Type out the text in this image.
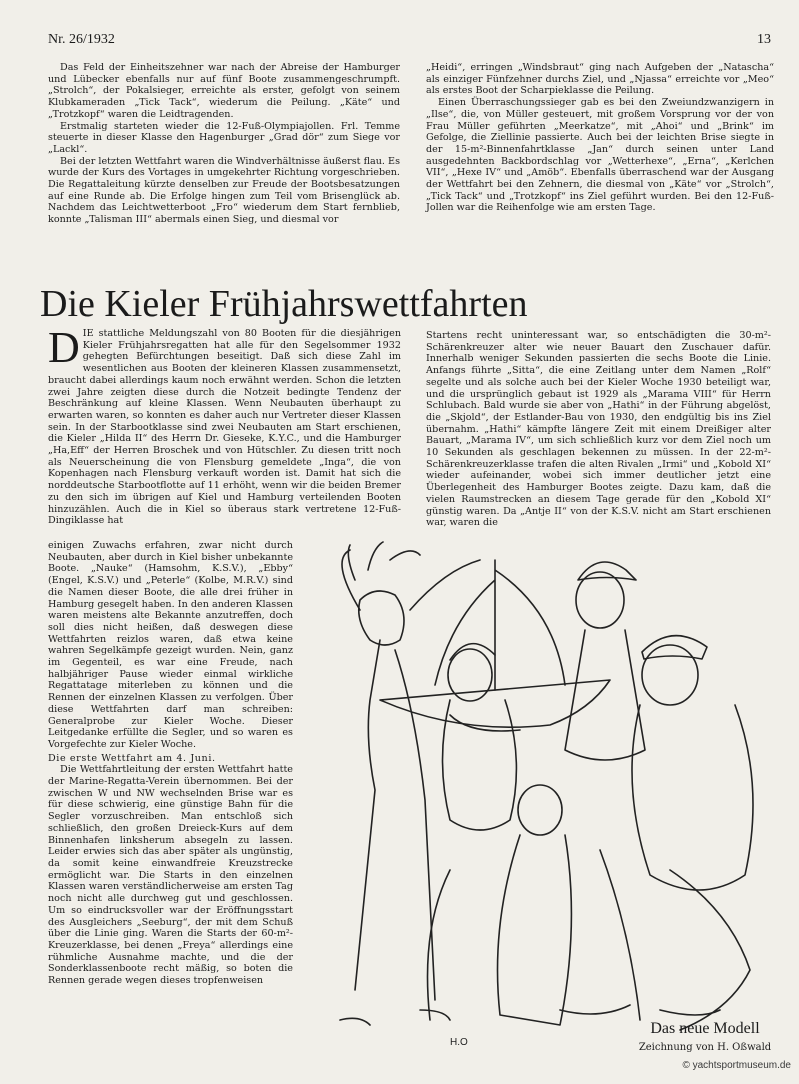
Nr. 26/1932	13

Das Feld der Einheitszehner war nach der Abreise der Hamburger und Lübecker ebenfalls nur auf fünf Boote zusammengeschrumpft. „Strolch“, der Pokalsieger, erreichte als erster, gefolgt von seinem Klubkameraden „Tick Tack“, wiederum die Peilung. „Käte“ und „Trotzkopf“ waren die Leidtragenden.

Erstmalig starteten wieder die 12-Fuß-Olympiajollen. Frl. Temme steuerte in dieser Klasse den Hagenburger „Grad dör“ zum Siege vor „Lackl“.

Bei der letzten Wettfahrt waren die Windverhältnisse äußerst flau. Es wurde der Kurs des Vortages in umgekehrter Richtung vorgeschrieben. Die Regattaleitung kürzte denselben zur Freude der Bootsbesatzungen auf eine Runde ab. Die Erfolge hingen zum Teil vom Brisenglück ab. Nachdem das Leichtwetterboot „Fro“ wiederum dem Start fernblieb, konnte „Talisman III“ abermals einen Sieg, und diesmal vor

„Heidi“, erringen „Windsbraut“ ging nach Aufgeben der „Natascha“ als einziger Fünfzehner durchs Ziel, und „Njassa“ erreichte vor „Meo“ als erstes Boot der Scharpieklasse die Peilung.

Einen Überraschungssieger gab es bei den Zweiundzwanzigern in „Ilse“, die, von Müller gesteuert, mit großem Vorsprung vor der von Frau Müller geführten „Meerkatze“, mit „Ahoi“ und „Brink“ im Gefolge, die Ziellinie passierte. Auch bei der leichten Brise siegte in der 15-m²-Binnenfahrtklasse „Jan“ durch seinen unter Land ausgedehnten Backbordschlag vor „Wetterhexe“, „Erna“, „Kerlchen VII“, „Hexe IV“ und „Amöb“. Ebenfalls überraschend war der Ausgang der Wettfahrt bei den Zehnern, die diesmal von „Käte“ vor „Strolch“, „Tick Tack“ und „Trotzkopf“ ins Ziel geführt wurden. Bei den 12-Fuß-Jollen war die Reihenfolge wie am ersten Tage.

Die Kieler Frühjahrswettfahrten

DIE stattliche Meldungszahl von 80 Booten für die diesjährigen Kieler Frühjahrsregatten hat alle für den Segelsommer 1932 gehegten Befürchtungen beseitigt. Daß sich diese Zahl im wesentlichen aus Booten der kleineren Klassen zusammensetzt, braucht dabei allerdings kaum noch erwähnt werden. Schon die letzten zwei Jahre zeigten diese durch die Notzeit bedingte Tendenz der Beschränkung auf kleine Klassen. Wenn Neubauten überhaupt zu erwarten waren, so konnten es daher auch nur Vertreter dieser Klassen sein. In der Starbootklasse sind zwei Neubauten am Start erschienen, die Kieler „Hilda II“ des Herrn Dr. Gieseke, K.Y.C., und die Hamburger „Ha,Eff“ der Herren Broschek und von Hütschler. Zu diesen tritt noch als Neuerscheinung die von Flensburg gemeldete „Inga“, die von Kopenhagen nach Flensburg verkauft worden ist. Damit hat sich die norddeutsche Starbootflotte auf 11 erhöht, wenn wir die beiden Bremer zu den sich im übrigen auf Kiel und Hamburg verteilenden Booten hinzuzählen. Auch die in Kiel so überaus stark vertretene 12-Fuß-Dingiklasse hat

einigen Zuwachs erfahren, zwar nicht durch Neubauten, aber durch in Kiel bisher unbekannte Boote. „Nauke“ (Hamsohm, K.S.V.), „Ebby“ (Engel, K.S.V.) und „Peterle“ (Kolbe, M.R.V.) sind die Namen dieser Boote, die alle drei früher in Hamburg gesegelt haben. In den anderen Klassen waren meistens alte Bekannte anzutreffen, doch soll dies nicht heißen, daß deswegen diese Wettfahrten reizlos waren, daß etwa keine wahren Segelkämpfe gezeigt wurden. Nein, ganz im Gegenteil, es war eine Freude, nach halbjähriger Pause wieder einmal wirkliche Regattatage miterleben zu können und die Rennen der einzelnen Klassen zu verfolgen. Über diese Wettfahrten darf man schreiben: Generalprobe zur Kieler Woche. Dieser Leitgedanke erfüllte die Segler, und so waren es Vorgefechte zur Kieler Woche.

Die erste Wettfahrt am 4. Juni.

Die Wettfahrtleitung der ersten Wettfahrt hatte der Marine-Regatta-Verein übernommen. Bei der zwischen W und NW wechselnden Brise war es für diese schwierig, eine günstige Bahn für die Segler vorzuschreiben. Man entschloß sich schließlich, den großen Dreieck-Kurs auf dem Binnenhafen linksherum absegeln zu lassen. Leider erwies sich das aber später als ungünstig, da somit keine einwandfreie Kreuzstrecke ermöglicht war. Die Starts in den einzelnen Klassen waren verständlicherweise am ersten Tag noch nicht alle durchweg gut und geschlossen. Um so eindrucksvoller war der Eröffnungsstart des Ausgleichers „Seeburg“, der mit dem Schuß über die Linie ging. Waren die Starts der 60-m²-Kreuzerklasse, bei denen „Freya“ allerdings eine rühmliche Ausnahme machte, und die der Sonderklassenboote recht mäßig, so boten die Rennen gerade wegen dieses tropfenweisen

Startens recht uninteressant war, so entschädigten die 30-m²-Schärenkreuzer alter wie neuer Bauart den Zuschauer dafür. Innerhalb weniger Sekunden passierten die sechs Boote die Linie. Anfangs führte „Sitta“, die eine Zeitlang unter dem Namen „Rolf“ segelte und als solche auch bei der Kieler Woche 1930 beteiligt war, und die ursprünglich gebaut ist 1929 als „Marama VIII“ für Herrn Schlubach. Bald wurde sie aber von „Hathi“ in der Führung abgelöst, die „Skjold“, der Estlander-Bau von 1930, den endgültig bis ins Ziel übernahm. „Hathi“ kämpfte längere Zeit mit einem Dreißiger alter Bauart, „Marama IV“, um sich schließlich kurz vor dem Ziel noch um 10 Sekunden als geschlagen bekennen zu müssen. In der 22-m²-Schärenkreuzerklasse trafen die alten Rivalen „Irmi“ und „Kobold XI“ wieder aufeinander, wobei sich immer deutlicher jetzt eine Überlegenheit des Hamburger Bootes zeigte. Dazu kam, daß die vielen Raumstrecken an diesem Tage gerade für den „Kobold XI“ günstig waren. Da „Antje II“ von der K.S.V. nicht am Start erschienen war, waren die

H.O
Das neue Modell
Zeichnung von H. Oßwald
© yachtsportmuseum.de
